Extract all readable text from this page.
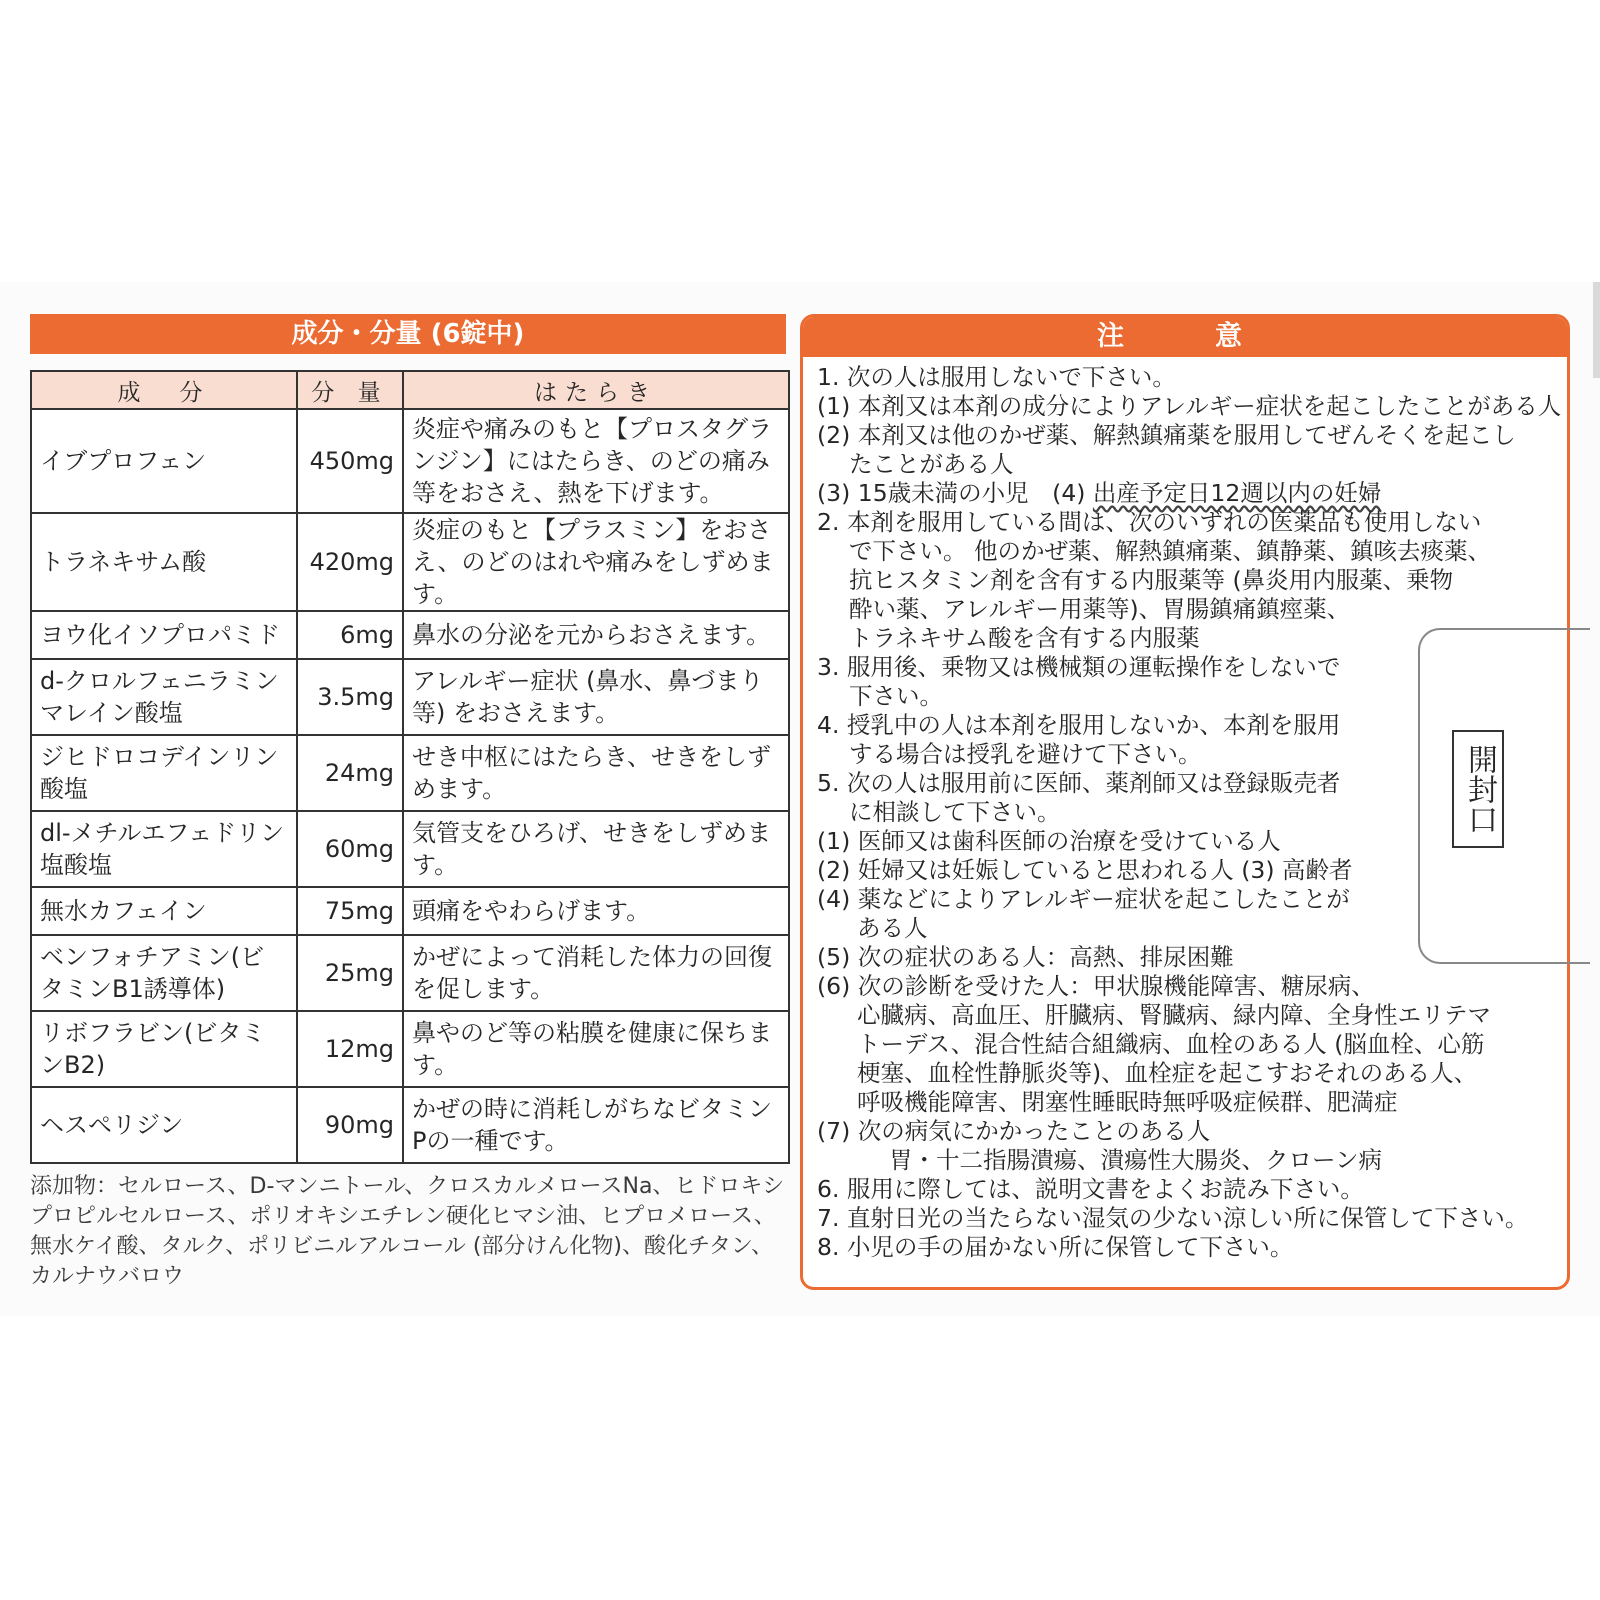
成分・分量 (6錠中)
成　分	分 量	はたらき
イブプロフェン	450mg	炎症や痛みのもと【プロスタグランジン】にはたらき、のどの痛み等をおさえ、熱を下げます。
トラネキサム酸	420mg	炎症のもと【プラスミン】をおさえ、のどのはれや痛みをしずめます。
ヨウ化イソプロパミド	6mg	鼻水の分泌を元からおさえます。
d-クロルフェニラミンマレイン酸塩	3.5mg	アレルギー症状 (鼻水、鼻づまり等) をおさえます。
ジヒドロコデインリン酸塩	24mg	せき中枢にはたらき、せきをしずめます。
dl-メチルエフェドリン塩酸塩	60mg	気管支をひろげ、せきをしずめます。
無水カフェイン	75mg	頭痛をやわらげます。
ベンフォチアミン(ビタミンB1誘導体)	25mg	かぜによって消耗した体力の回復を促します。
リボフラビン(ビタミンB2)	12mg	鼻やのど等の粘膜を健康に保ちます。
ヘスペリジン	90mg	かぜの時に消耗しがちなビタミンPの一種です。
添加物：セルロース、D-マンニトール、クロスカルメロースNa、ヒドロキシプロピルセルロース、ポリオキシエチレン硬化ヒマシ油、ヒプロメロース、無水ケイ酸、タルク、ポリビニルアルコール (部分けん化物)、酸化チタン、カルナウバロウ
注	意
1. 次の人は服用しないで下さい。
(1) 本剤又は本剤の成分によりアレルギー症状を起こしたことがある人
(2) 本剤又は他のかぜ薬、解熱鎮痛薬を服用してぜんそくを起こし
たことがある人
(3) 15歳未満の小児　(4) 出産予定日12週以内の妊婦
2. 本剤を服用している間は、次のいずれの医薬品も使用しない
で下さい。 他のかぜ薬、解熱鎮痛薬、鎮静薬、鎮咳去痰薬、
抗ヒスタミン剤を含有する内服薬等 (鼻炎用内服薬、乗物
酔い薬、アレルギー用薬等)、胃腸鎮痛鎮痙薬、
トラネキサム酸を含有する内服薬
3. 服用後、乗物又は機械類の運転操作をしないで
下さい。
4. 授乳中の人は本剤を服用しないか、本剤を服用
する場合は授乳を避けて下さい。
5. 次の人は服用前に医師、薬剤師又は登録販売者
に相談して下さい。
(1) 医師又は歯科医師の治療を受けている人
(2) 妊婦又は妊娠していると思われる人 (3) 高齢者
(4) 薬などによりアレルギー症状を起こしたことが
ある人
(5) 次の症状のある人：高熱、排尿困難
(6) 次の診断を受けた人：甲状腺機能障害、糖尿病、
心臓病、高血圧、肝臓病、腎臓病、緑内障、全身性エリテマ
トーデス、混合性結合組織病、血栓のある人 (脳血栓、心筋
梗塞、血栓性静脈炎等)、血栓症を起こすおそれのある人、
呼吸機能障害、閉塞性睡眠時無呼吸症候群、肥満症
(7) 次の病気にかかったことのある人
胃・十二指腸潰瘍、潰瘍性大腸炎、クローン病
6. 服用に際しては、説明文書をよくお読み下さい。
7. 直射日光の当たらない湿気の少ない涼しい所に保管して下さい。
8. 小児の手の届かない所に保管して下さい。
開封口
